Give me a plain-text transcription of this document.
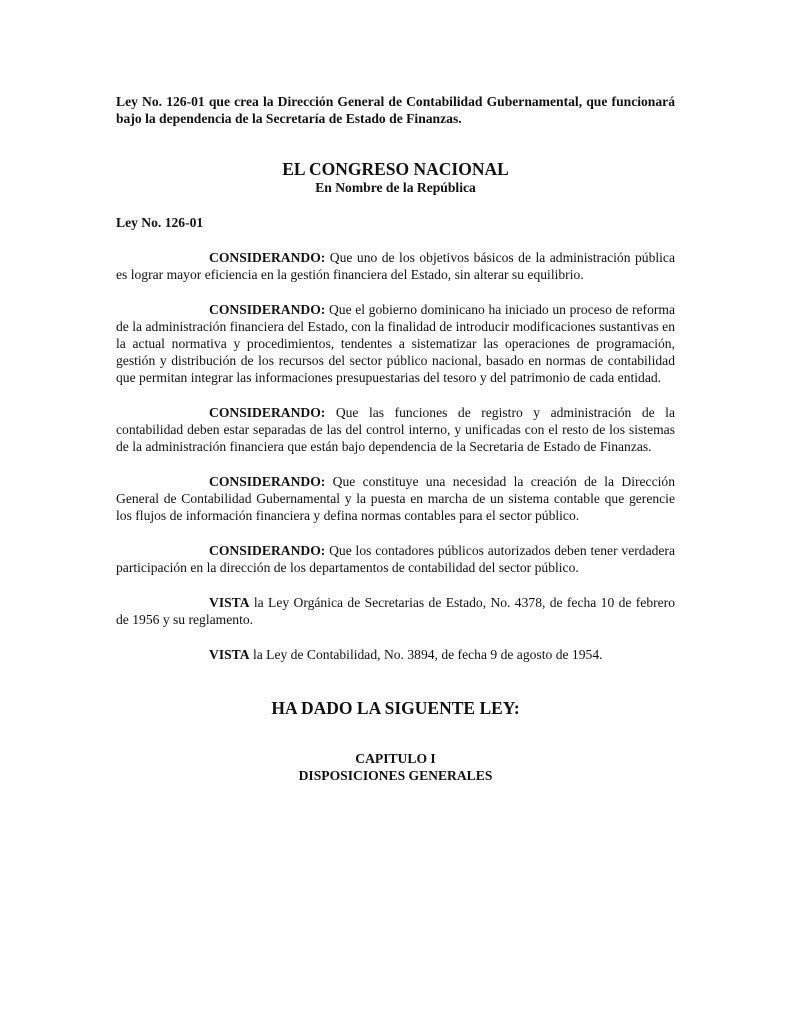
Ley No. 126-01 que crea la Dirección General de Contabilidad Gubernamental, que funcionará bajo la dependencia de la Secretaría de Estado de Finanzas.

EL CONGRESO NACIONAL

En Nombre de la República

Ley No. 126-01

CONSIDERANDO: Que uno de los objetivos básicos de la administración pública es lograr mayor eficiencia en la gestión financiera del Estado, sin alterar su equilibrio.

CONSIDERANDO: Que el gobierno dominicano ha iniciado un proceso de reforma de la administración financiera del Estado, con la finalidad de introducir modificaciones sustantivas en la actual normativa y procedimientos, tendentes a sistematizar las operaciones de programación, gestión y distribución de los recursos del sector público nacional, basado en normas de contabilidad que permitan integrar las informaciones presupuestarias del tesoro y del patrimonio de cada entidad.

CONSIDERANDO: Que las funciones de registro y administración de la contabilidad deben estar separadas de las del control interno, y unificadas con el resto de los sistemas de la administración financiera que están bajo dependencia de la Secretaria de Estado de Finanzas.

CONSIDERANDO: Que constituye una necesidad la creación de la Dirección General de Contabilidad Gubernamental y la puesta en marcha de un sistema contable que gerencie los flujos de información financiera y defina normas contables para el sector público.

CONSIDERANDO: Que los contadores públicos autorizados deben tener verdadera participación en la dirección de los departamentos de contabilidad del sector público.

VISTA la Ley Orgánica de Secretarias de Estado, No. 4378, de fecha 10 de febrero de 1956 y su reglamento.

VISTA la Ley de Contabilidad, No. 3894, de fecha 9 de agosto de 1954.

HA DADO LA SIGUENTE LEY:

CAPITULO I

DISPOSICIONES GENERALES
